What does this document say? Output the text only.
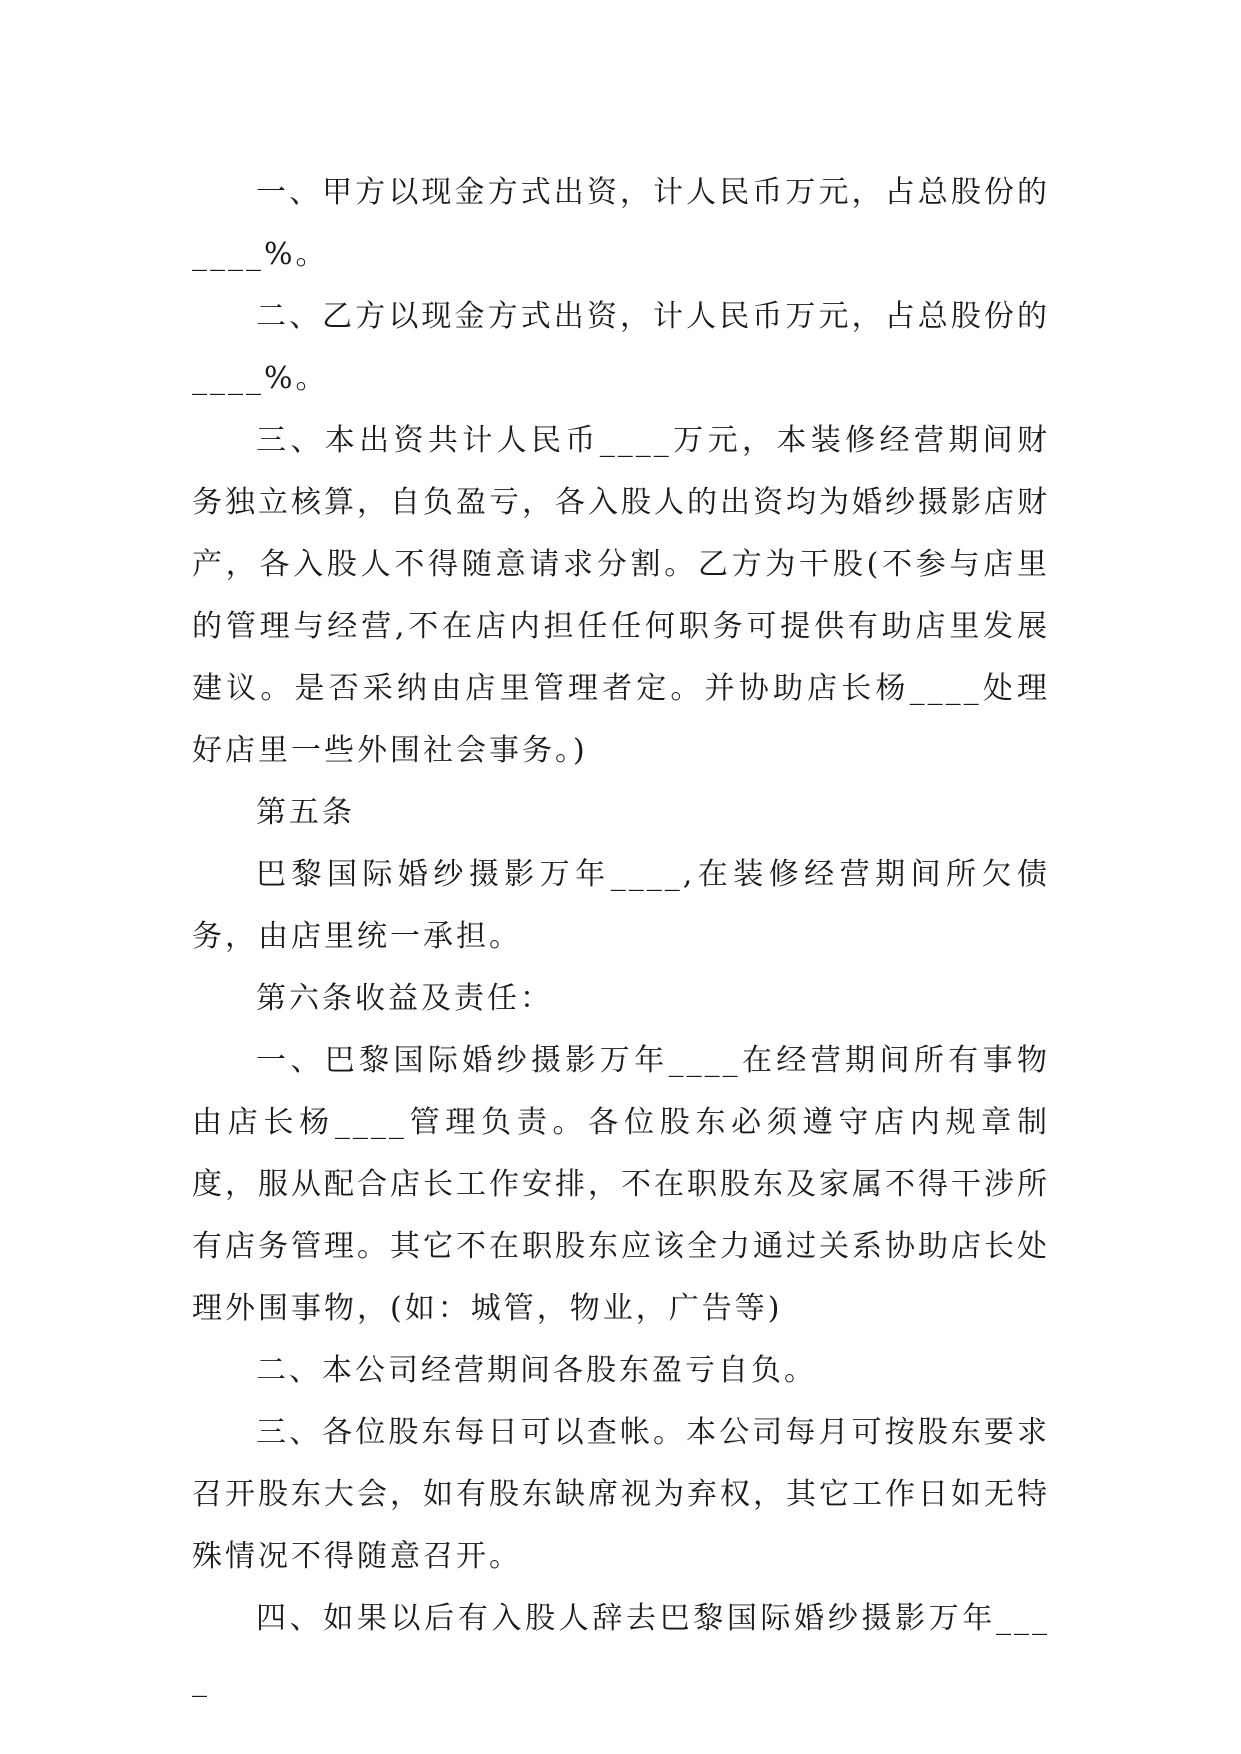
一、甲方以现金方式出资，计人民币万元，占总股份的____%。

二、乙方以现金方式出资，计人民币万元，占总股份的____%。

三、本出资共计人民币____万元，本装修经营期间财务独立核算，自负盈亏，各入股人的出资均为婚纱摄影店财产，各入股人不得随意请求分割。乙方为干股(不参与店里的管理与经营,不在店内担任任何职务可提供有助店里发展建议。是否采纳由店里管理者定。并协助店长杨____处理好店里一些外围社会事务。)

第五条

巴黎国际婚纱摄影万年____,在装修经营期间所欠债务，由店里统一承担。

第六条收益及责任：

一、巴黎国际婚纱摄影万年____在经营期间所有事物由店长杨____管理负责。各位股东必须遵守店内规章制度，服从配合店长工作安排，不在职股东及家属不得干涉所有店务管理。其它不在职股东应该全力通过关系协助店长处理外围事物，(如：城管，物业，广告等)

二、本公司经营期间各股东盈亏自负。

三、各位股东每日可以查帐。本公司每月可按股东要求召开股东大会，如有股东缺席视为弃权，其它工作日如无特殊情况不得随意召开。

四、如果以后有入股人辞去巴黎国际婚纱摄影万年____
